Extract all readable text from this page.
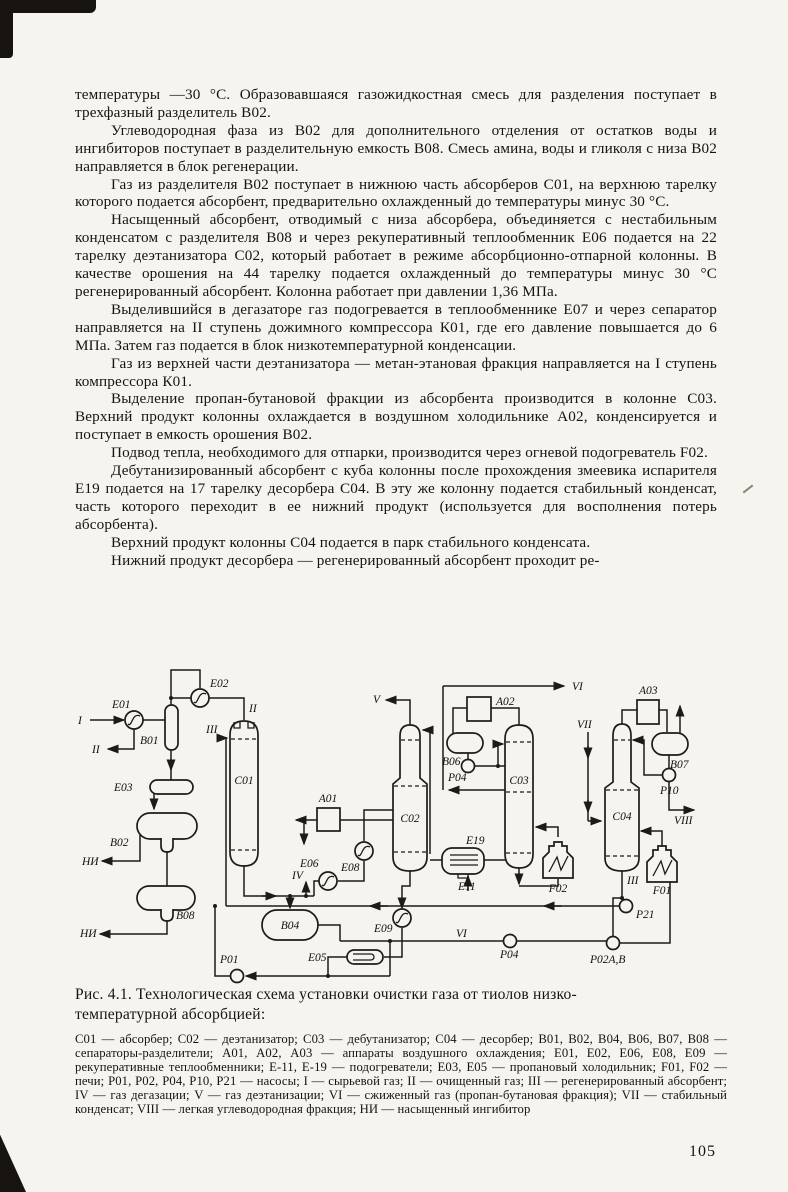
температуры —30 °С. Образовавшаяся газожидкостная смесь для разделения поступает в трехфазный разделитель В02.

Углеводородная фаза из В02 для дополнительного отделения от остатков воды и ингибиторов поступает в разделительную емкость В08. Смесь амина, воды и гликоля с низа В02 направляется в блок регенерации.

Газ из разделителя В02 поступает в нижнюю часть абсорберов С01, на верхнюю тарелку которого подается абсорбент, предварительно охлажденный до температуры минус 30 °С.

Насыщенный абсорбент, отводимый с низа абсорбера, объединяется с нестабильным конденсатом с разделителя В08 и через рекуперативный теплообменник Е06 подается на 22 тарелку деэтанизатора С02, который работает в режиме абсорбционно-отпарной колонны. В качестве орошения на 44 тарелку подается охлажденный до температуры минус 30 °С регенерированный абсорбент. Колонна работает при давлении 1,36 МПа.

Выделившийся в дегазаторе газ подогревается в теплообменнике Е07 и через сепаратор направляется на II ступень дожимного компрессора К01, где его давление повышается до 6 МПа. Затем газ подается в блок низкотемпературной конденсации.

Газ из верхней части деэтанизатора — метан-этановая фракция направляется на I ступень компрессора К01.

Выделение пропан-бутановой фракции из абсорбента производится в колонне С03. Верхний продукт колонны охлаждается в воздушном холодильнике А02, конденсируется и поступает в емкость орошения В02.

Подвод тепла, необходимого для отпарки, производится через огневой подогреватель F02.

Дебутанизированный абсорбент с куба колонны после прохождения змеевика испарителя Е19 подается на 17 тарелку десорбера С04. В эту же колонну подается стабильный конденсат, часть которого переходит в ее нижний продукт (используется для восполнения потерь абсорбента).

Верхний продукт колонны С04 подается в парк стабильного конденсата.

Нижний продукт десорбера — регенерированный абсорбент проходит ре-

E01
E02
B01
E03
B02
B08
P01
B04
E06 E08
E09
E05
C01
C02
C03
C04
A01
A02
A03
B06	B07
P04
P04
P10
P21
P02A,B
E19
E11	F02	F01
I
II
II
III
III
IV
V
VI
VI
VII
VIII
НИ
НИ
Рис. 4.1. Технологическая схема установки очистки газа от тиолов низко-
температурной абсорбцией:
С01 — абсорбер; С02 — деэтанизатор; С03 — дебутанизатор; С04 — десорбер; В01, В02, В04, В06, В07, В08 — сепараторы-разделители; А01, А02, А03 — аппараты воздушного охлаждения; Е01, Е02, Е06, Е08, Е09 — рекуперативные теплообменники; Е-11, Е-19 — подогреватели; Е03, Е05 — пропановый холодильник; F01, F02 — печи; Р01, Р02, Р04, Р10, Р21 — насосы; I — сырьевой газ; II — очищенный газ; III — регенерированный абсорбент; IV — газ дегазации; V — газ деэтанизации; VI — сжиженный газ (пропан-бутановая фракция); VII — стабильный конденсат; VIII — легкая углеводородная фракция; НИ — насыщенный ингибитор
105
